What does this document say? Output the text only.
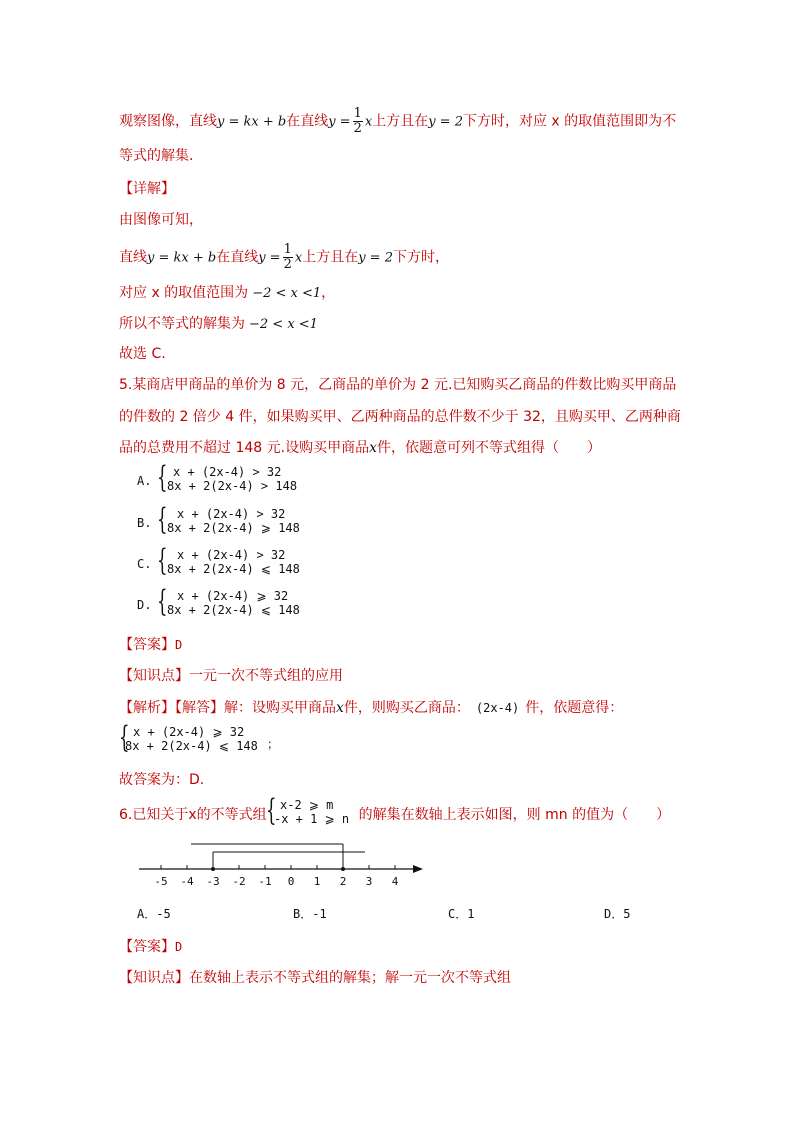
观察图像，直线y = kx + b在直线$y = \frac{1}{2}$ x上方且在y = 2下方时，对应 x 的取值范围即为不
等式的解集.
【详解】
由图像可知，
直线y = kx + b在直线$y = \frac{1}{2}$ x上方且在y = 2下方时，
对应 x 的取值范围为 −2 < x <1，
所以不等式的解集为 −2 < x <1
故选 C.
5.某商店甲商品的单价为 8 元，乙商品的单价为 2 元.已知购买乙商品的件数比购买甲商品
的件数的 2 倍少 4 件，如果购买甲、乙两种商品的总件数不少于 32，且购买甲、乙两种商
品的总费用不超过 148 元.设购买甲商品x件，依题意可列不等式组得（　　）
A. { x + (2x-4) > 32
8x + 2(2x-4) > 148
B. { x + (2x-4) > 32
8x + 2(2x-4) ⩾ 148
C. { x + (2x-4) > 32
8x + 2(2x-4) ⩽ 148
D. { x + (2x-4) ⩾ 32
8x + 2(2x-4) ⩽ 148
【答案】D
【知识点】一元一次不等式组的应用
【解析】【解答】解：设购买甲商品x件，则购买乙商品： (2x-4) 件，依题意得：
{ x + (2x-4) ⩾ 32
8x + 2(2x-4) ⩽ 148 ；
故答案为：D.
6.已知关于x的不等式组	的解集在数轴上表示如图，则 mn 的值为（　　）
{ x-2 ⩾ m
-x + 1 ⩾ n
-5 -4 -3 -2 -1 0 1 2 3 4
A．-5	B．-1	C．1	D．5
【答案】D
【知识点】在数轴上表示不等式组的解集；解一元一次不等式组
